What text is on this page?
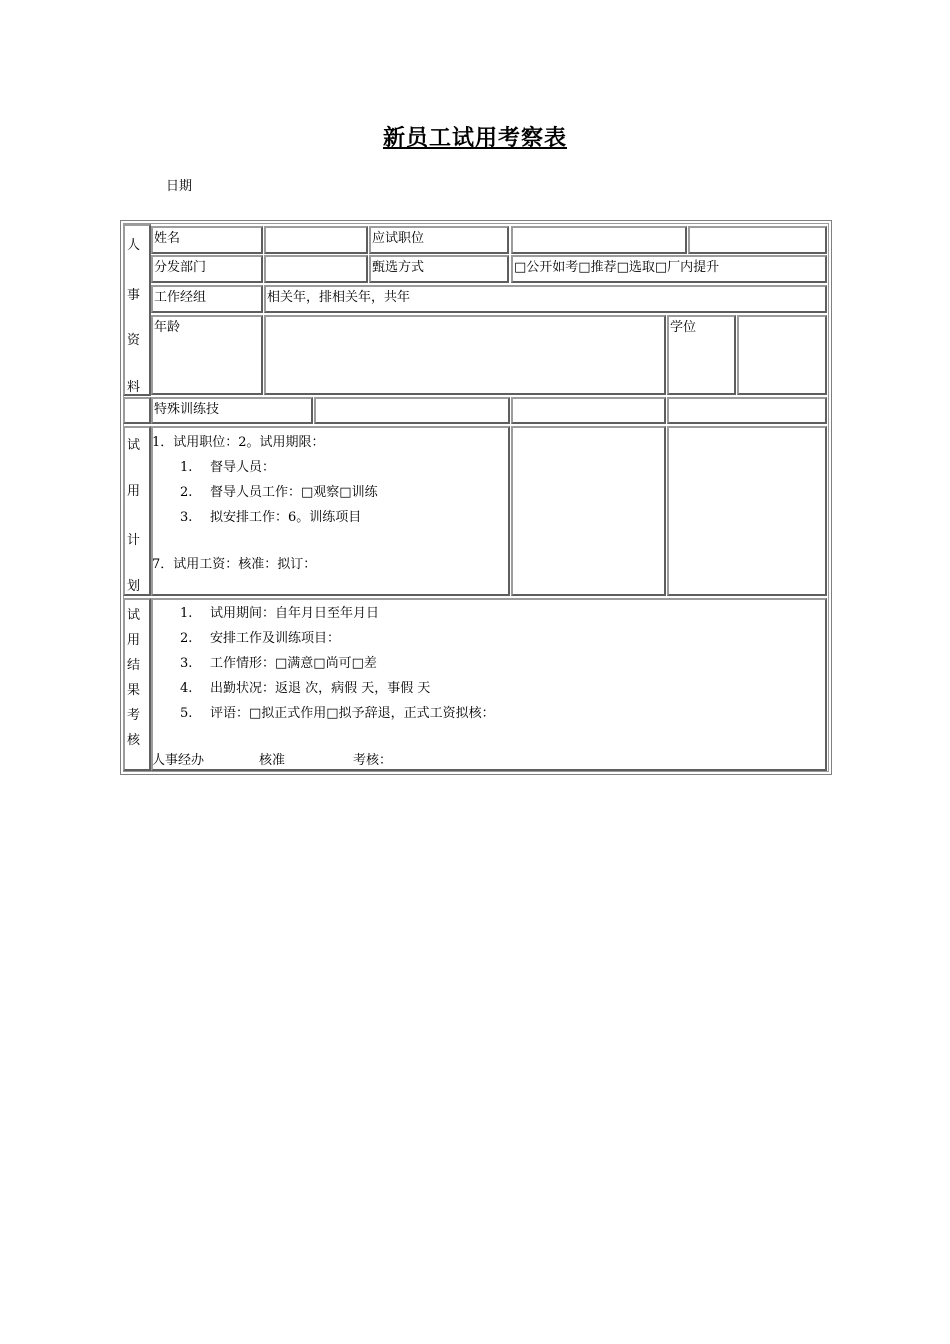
新员工试用考察表
日期
人
事
资
料
姓名	应试职位
分发部门	甄选方式	□公开如考□推荐□选取□厂内提升
工作经组	相关年，排相关年，共年
年龄	学位
特殊训练技
试
用
计
划
1．试用职位：2。试用期限：
1. 督导人员：
2. 督导人员工作：□观察□训练
3. 拟安排工作：6。训练项目
7．试用工资：核准：拟订：
试
用
结
果
考
核
1. 试用期间：自年月日至年月日
2. 安排工作及训练项目：
3. 工作情形：□满意□尚可□差
4. 出勤状况：返退 次，病假 天，事假 天
5. 评语：□拟正式作用□拟予辞退，正式工资拟核：
人事经办	核准	考核：
